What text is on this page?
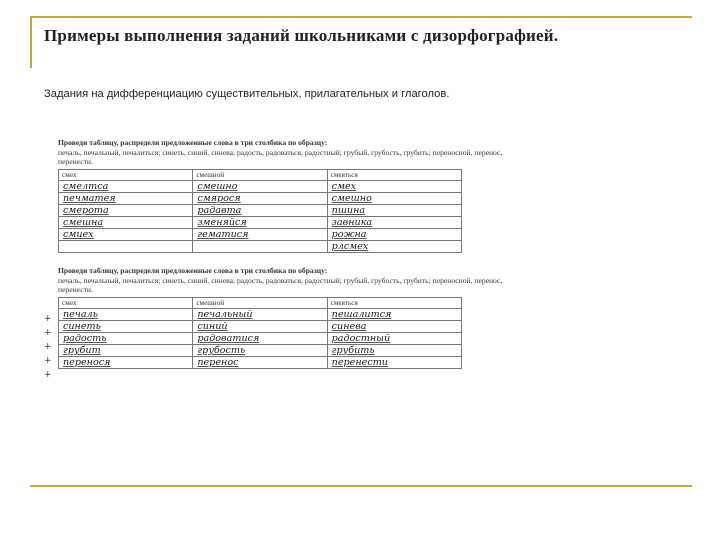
Примеры выполнения заданий школьниками с дизорфографией.
Задания на дифференциацию существительных, прилагательных и глаголов.
Проведи таблицу, распредели предложенные слова в три столбика по образцу:
печаль, печальный, печалиться; синеть, синий, синева; радость, радоваться, радостный; грубый, грубость, грубить; переносной, перенос, перенести.
смех	смешной	смеяться
смелтса	смешно	смех
печматея	смярося	смешно
смерота	радавта	пшина
смешна	зменяйся	завника
смиех	гематися	рожна
		рлсмех
+
+
+
+
+
Проведи таблицу, распредели предложенные слова в три столбика по образцу:
печаль, печальный, печалиться; синеть, синий, синева; радость, радоваться, радостный; грубый, грубость, грубить; переносной, перенос, перенести.
смех	смешной	смеяться
печаль	печальный	пешалится
синеть	синий	синева
радость	радоватися	радостный
грубит	грубость	грубить
перенося	перенос	перенести
